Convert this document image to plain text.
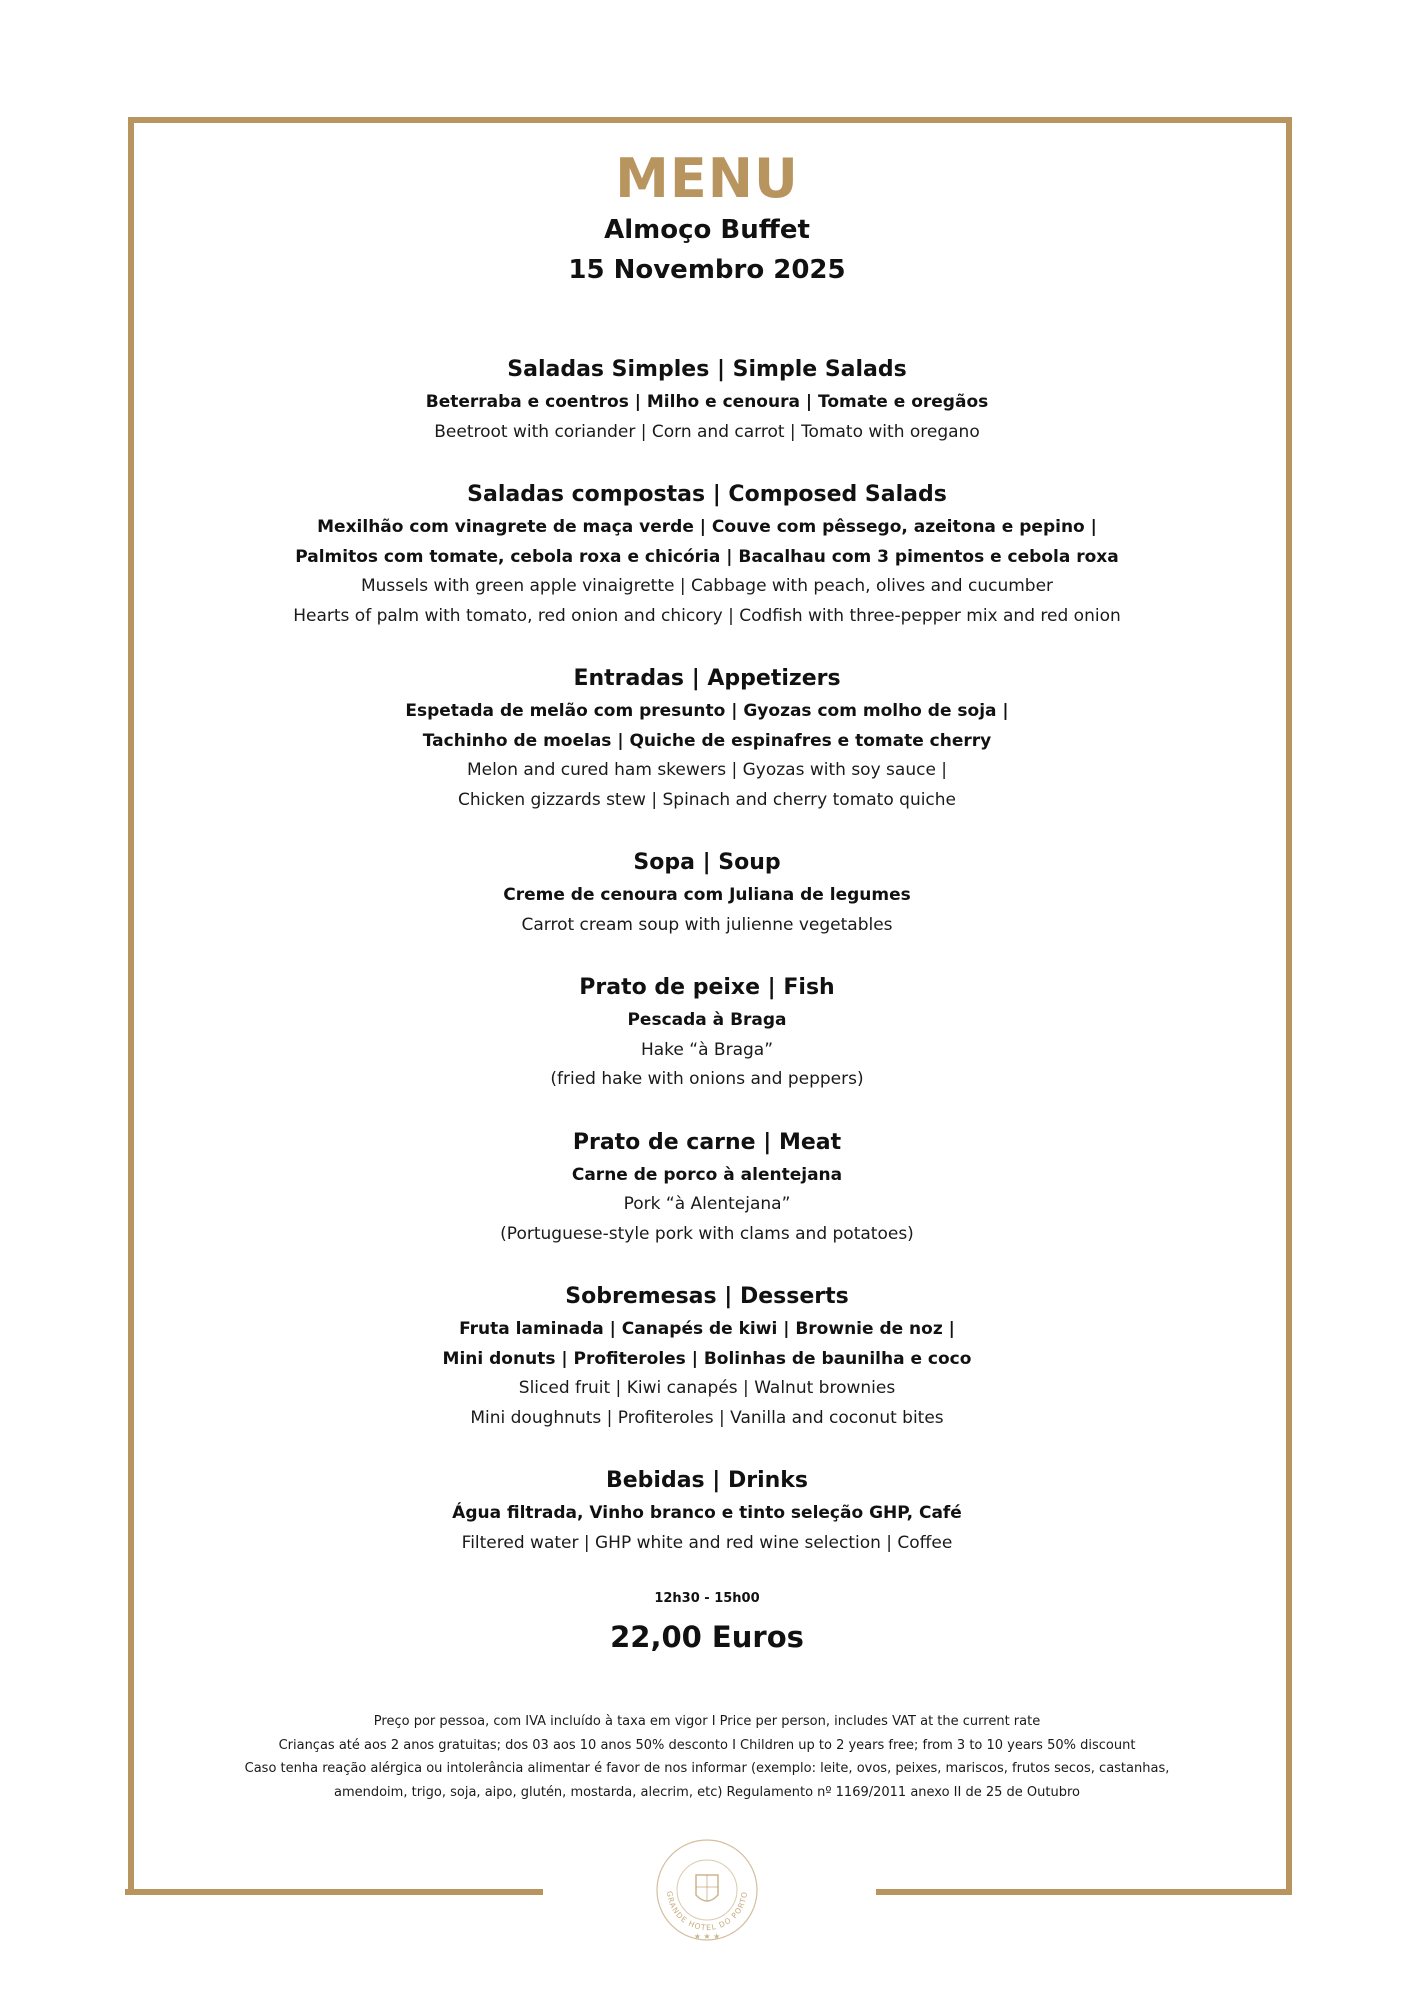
MENU
Almoço Buffet
15 Novembro 2025
Saladas Simples | Simple Salads
Beterraba e coentros | Milho e cenoura | Tomate e oregãos
Beetroot with coriander | Corn and carrot | Tomato with oregano
Saladas compostas | Composed Salads
Mexilhão com vinagrete de maça verde | Couve com pêssego, azeitona e pepino |
Palmitos com tomate, cebola roxa e chicória | Bacalhau com 3 pimentos e cebola roxa
Mussels with green apple vinaigrette | Cabbage with peach, olives and cucumber
Hearts of palm with tomato, red onion and chicory | Codfish with three-pepper mix and red onion
Entradas | Appetizers
Espetada de melão com presunto | Gyozas com molho de soja |
Tachinho de moelas | Quiche de espinafres e tomate cherry
Melon and cured ham skewers | Gyozas with soy sauce |
Chicken gizzards stew | Spinach and cherry tomato quiche
Sopa | Soup
Creme de cenoura com Juliana de legumes
Carrot cream soup with julienne vegetables
Prato de peixe | Fish
Pescada à Braga
Hake “à Braga”
(fried hake with onions and peppers)
Prato de carne | Meat
Carne de porco à alentejana
Pork “à Alentejana”
(Portuguese-style pork with clams and potatoes)
Sobremesas | Desserts
Fruta laminada | Canapés de kiwi | Brownie de noz |
Mini donuts | Profiteroles | Bolinhas de baunilha e coco
Sliced fruit | Kiwi canapés | Walnut brownies
Mini doughnuts | Profiteroles | Vanilla and coconut bites
Bebidas | Drinks
Água filtrada, Vinho branco e tinto seleção GHP, Café
Filtered water | GHP white and red wine selection | Coffee
12h30 - 15h00
22,00 Euros
Preço por pessoa, com IVA incluído à taxa em vigor I Price per person, includes VAT at the current rate
Crianças até aos 2 anos gratuitas; dos 03 aos 10 anos 50% desconto I Children up to 2 years free; from 3 to 10 years 50% discount
Caso tenha reação alérgica ou intolerância alimentar é favor de nos informar (exemplo: leite, ovos, peixes, mariscos, frutos secos, castanhas,
amendoim, trigo, soja, aipo, glutén, mostarda, alecrim, etc) Regulamento nº 1169/2011 anexo II de 25 de Outubro
GRANDE HOTEL DO PORTO
★ ★ ★
